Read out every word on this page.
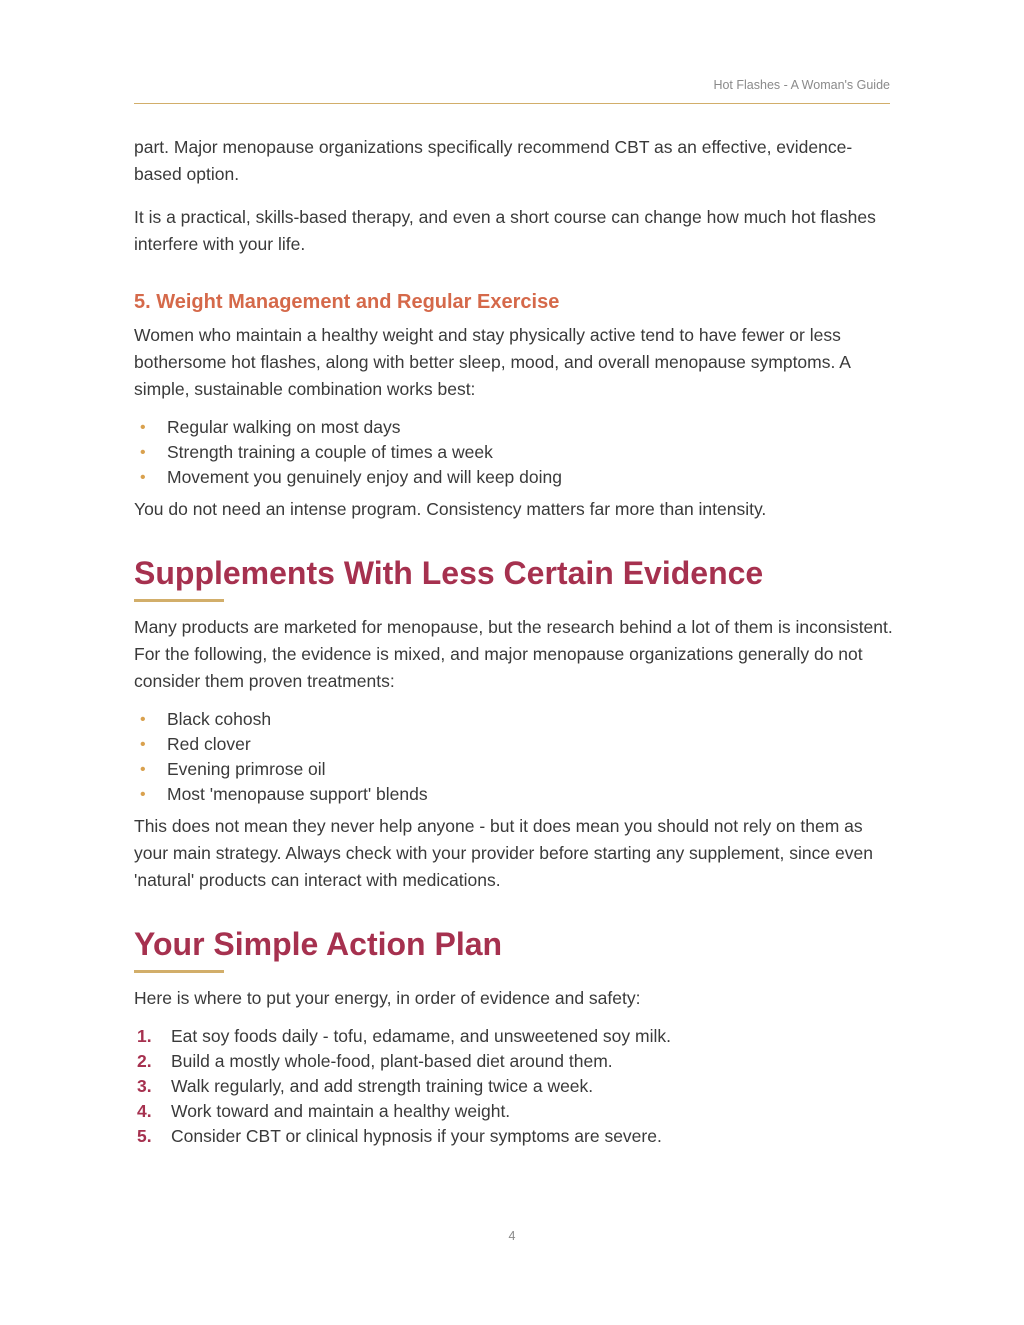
Hot Flashes - A Woman's Guide

part. Major menopause organizations specifically recommend CBT as an effective, evidence-based option.

It is a practical, skills-based therapy, and even a short course can change how much hot flashes interfere with your life.

5. Weight Management and Regular Exercise

Women who maintain a healthy weight and stay physically active tend to have fewer or less bothersome hot flashes, along with better sleep, mood, and overall menopause symptoms. A simple, sustainable combination works best:

• Regular walking on most days
• Strength training a couple of times a week
• Movement you genuinely enjoy and will keep doing

You do not need an intense program. Consistency matters far more than intensity.

Supplements With Less Certain Evidence

Many products are marketed for menopause, but the research behind a lot of them is inconsistent. For the following, the evidence is mixed, and major menopause organizations generally do not consider them proven treatments:

• Black cohosh
• Red clover
• Evening primrose oil
• Most 'menopause support' blends

This does not mean they never help anyone - but it does mean you should not rely on them as your main strategy. Always check with your provider before starting any supplement, since even 'natural' products can interact with medications.

Your Simple Action Plan

Here is where to put your energy, in order of evidence and safety:

1. Eat soy foods daily - tofu, edamame, and unsweetened soy milk.
2. Build a mostly whole-food, plant-based diet around them.
3. Walk regularly, and add strength training twice a week.
4. Work toward and maintain a healthy weight.
5. Consider CBT or clinical hypnosis if your symptoms are severe.
4
